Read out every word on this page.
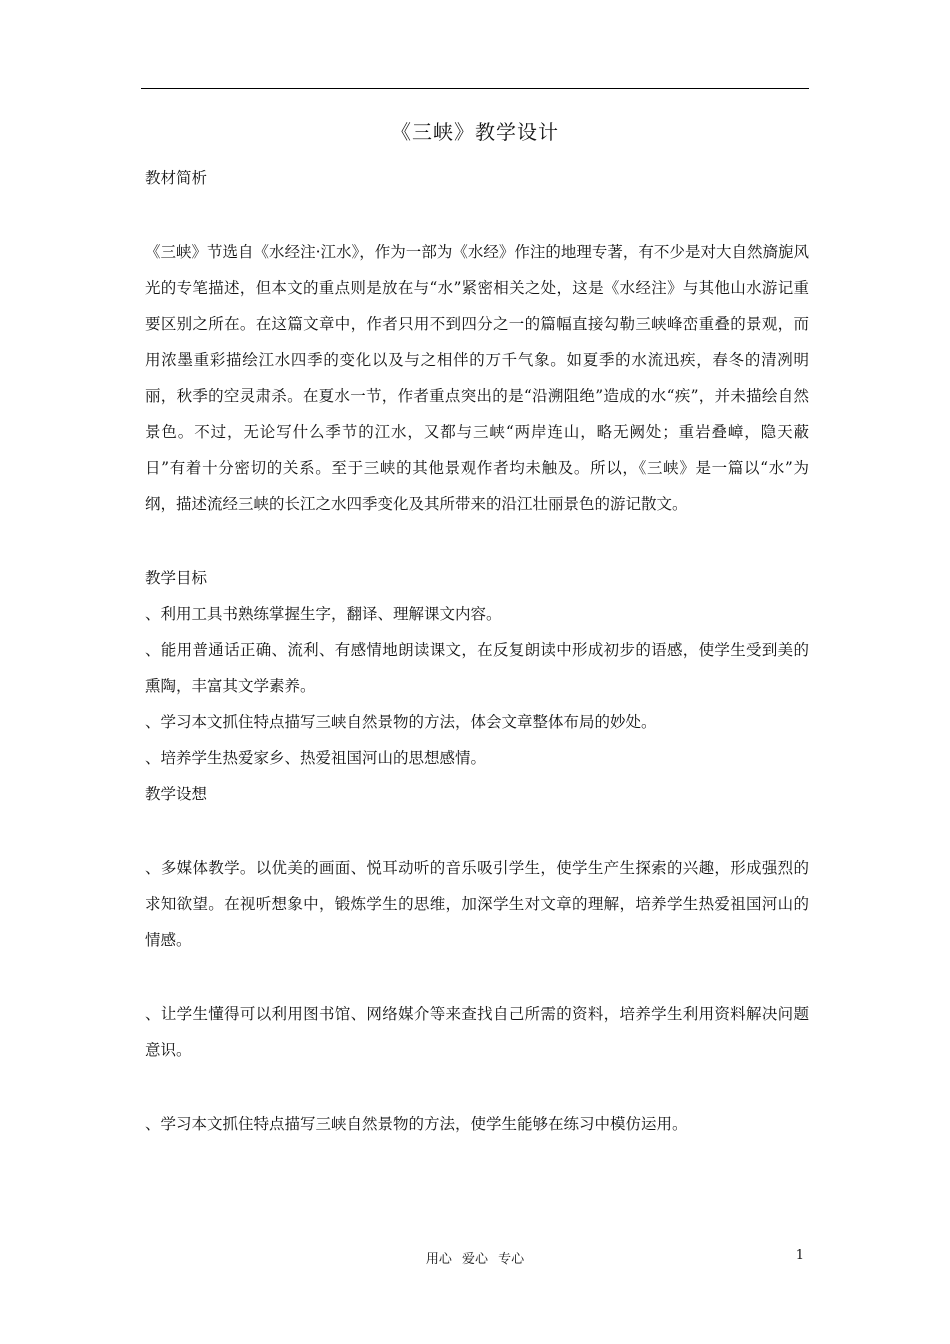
《三峡》教学设计

教材简析

《三峡》节选自《水经注·江水》，作为一部为《水经》作注的地理专著，有不少是对大自然旖旎风光的专笔描述，但本文的重点则是放在与“水”紧密相关之处，这是《水经注》与其他山水游记重要区别之所在。在这篇文章中，作者只用不到四分之一的篇幅直接勾勒三峡峰峦重叠的景观，而用浓墨重彩描绘江水四季的变化以及与之相伴的万千气象。如夏季的水流迅疾，春冬的清冽明丽，秋季的空灵肃杀。在夏水一节，作者重点突出的是“沿溯阻绝”造成的水“疾”，并未描绘自然景色。不过，无论写什么季节的江水，又都与三峡“两岸连山，略无阙处；重岩叠嶂，隐天蔽日”有着十分密切的关系。至于三峡的其他景观作者均未触及。所以，《三峡》是一篇以“水”为纲，描述流经三峡的长江之水四季变化及其所带来的沿江壮丽景色的游记散文。

教学目标

、利用工具书熟练掌握生字，翻译、理解课文内容。

、能用普通话正确、流利、有感情地朗读课文，在反复朗读中形成初步的语感，使学生受到美的熏陶，丰富其文学素养。

、学习本文抓住特点描写三峡自然景物的方法，体会文章整体布局的妙处。

、培养学生热爱家乡、热爱祖国河山的思想感情。

教学设想

、多媒体教学。以优美的画面、悦耳动听的音乐吸引学生，使学生产生探索的兴趣，形成强烈的求知欲望。在视听想象中，锻炼学生的思维，加深学生对文章的理解，培养学生热爱祖国河山的情感。

、让学生懂得可以利用图书馆、网络媒介等来查找自己所需的资料，培养学生利用资料解决问题意识。

、学习本文抓住特点描写三峡自然景物的方法，使学生能够在练习中模仿运用。

用心 爱心 专心	1
